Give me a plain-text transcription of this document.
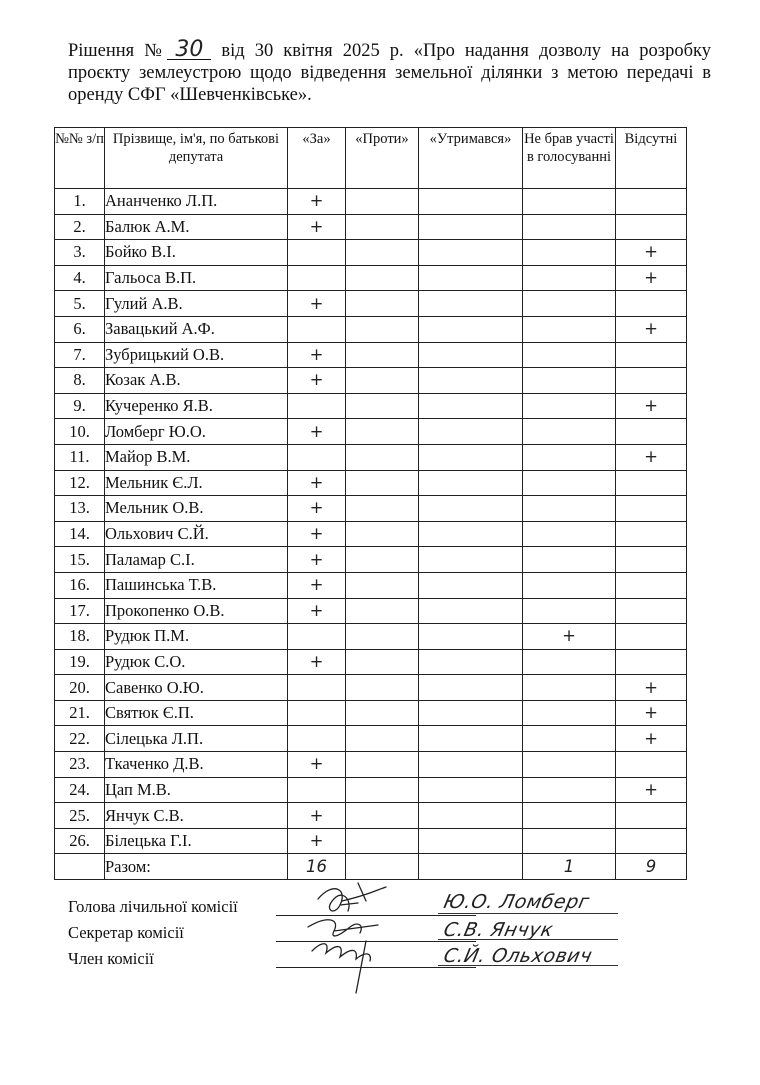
Рішення № 30 від 30 квітня 2025 р. «Про надання дозволу на розробку проєкту землеустрою щодо відведення земельної ділянки з метою передачі в оренду СФГ «Шевченківське».
№№ з/п	Прізвище, ім'я, по батькові депутата	«За»	«Проти»	«Утримався»	Не брав участі в голосуванні	Відсутні
1.	Ананченко Л.П.	+				
2.	Балюк А.М.	+				
3.	Бойко В.І.					+
4.	Гальоса В.П.					+
5.	Гулий А.В.	+				
6.	Завацький А.Ф.					+
7.	Зубрицький О.В.	+				
8.	Козак А.В.	+				
9.	Кучеренко Я.В.					+
10.	Ломберг Ю.О.	+				
11.	Майор В.М.					+
12.	Мельник Є.Л.	+				
13.	Мельник О.В.	+				
14.	Ольхович С.Й.	+				
15.	Паламар С.І.	+				
16.	Пашинська Т.В.	+				
17.	Прокопенко О.В.	+				
18.	Рудюк П.М.				+	
19.	Рудюк С.О.	+				
20.	Савенко О.Ю.					+
21.	Святюк Є.П.					+
22.	Сілецька Л.П.					+
23.	Ткаченко Д.В.	+				
24.	Цап М.В.					+
25.	Янчук С.В.	+				
26.	Білецька Г.І.	+				
	Разом:	16			1	9
Голова лічильної комісії	Ю.О. Ломберг
Секретар комісії	С.В. Янчук
Член комісії	С.Й. Ольхович
